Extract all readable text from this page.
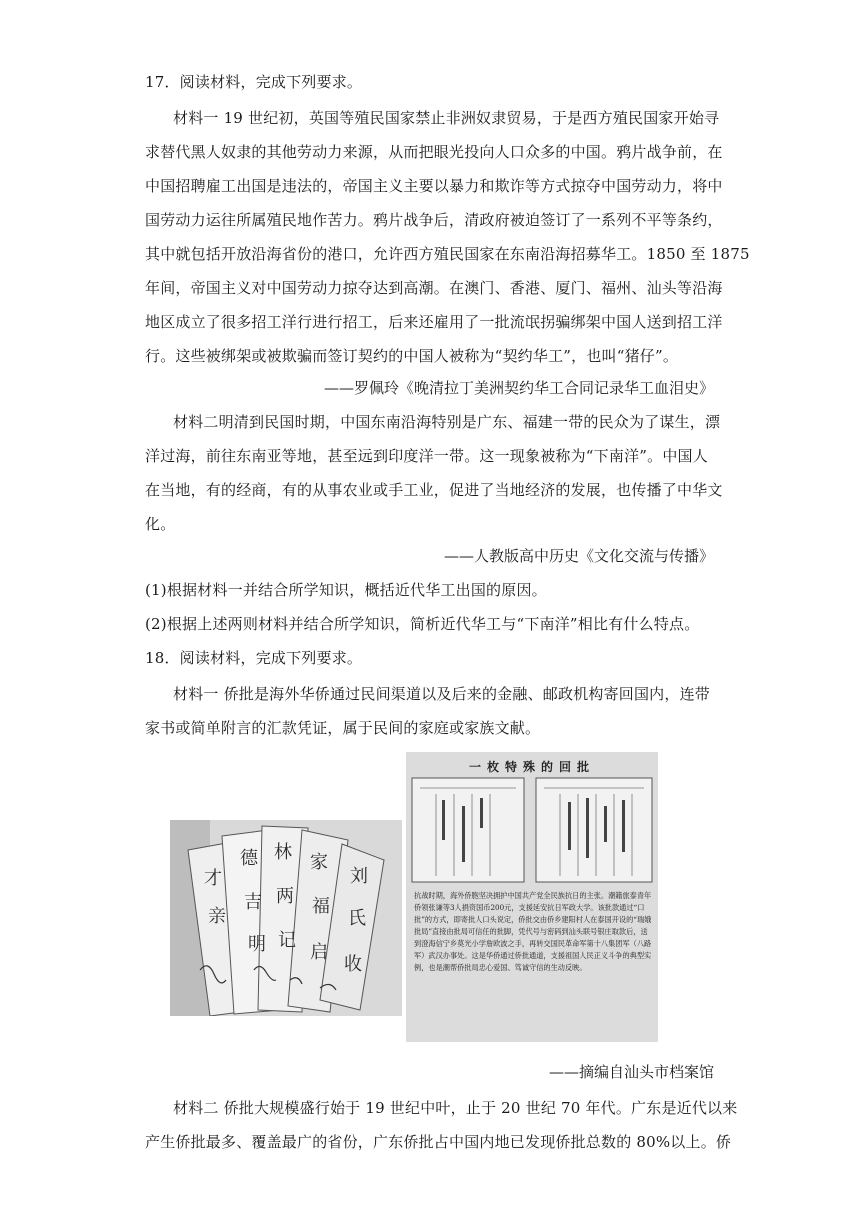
17．阅读材料，完成下列要求。
材料一 19 世纪初，英国等殖民国家禁止非洲奴隶贸易，于是西方殖民国家开始寻
求替代黑人奴隶的其他劳动力来源，从而把眼光投向人口众多的中国。鸦片战争前，在
中国招聘雇工出国是违法的，帝国主义主要以暴力和欺诈等方式掠夺中国劳动力，将中
国劳动力运往所属殖民地作苦力。鸦片战争后，清政府被迫签订了一系列不平等条约，
其中就包括开放沿海省份的港口，允许西方殖民国家在东南沿海招募华工。1850 至 1875
年间，帝国主义对中国劳动力掠夺达到高潮。在澳门、香港、厦门、福州、汕头等沿海
地区成立了很多招工洋行进行招工，后来还雇用了一批流氓拐骗绑架中国人送到招工洋
行。这些被绑架或被欺骗而签订契约的中国人被称为“契约华工”，也叫“猪仔”。
——罗佩玲《晚清拉丁美洲契约华工合同记录华工血泪史》
材料二明清到民国时期，中国东南沿海特别是广东、福建一带的民众为了谋生，漂
洋过海，前往东南亚等地，甚至远到印度洋一带。这一现象被称为“下南洋”。中国人
在当地，有的经商，有的从事农业或手工业，促进了当地经济的发展，也传播了中华文
化。
——人教版高中历史《文化交流与传播》
(1)根据材料一并结合所学知识，概括近代华工出国的原因。
(2)根据上述两则材料并结合所学知识，简析近代华工与“下南洋”相比有什么特点。
18．阅读材料，完成下列要求。
材料一 侨批是海外华侨通过民间渠道以及后来的金融、邮政机构寄回国内，连带
家书或简单附言的汇款凭证，属于民间的家庭或家族文献。
才
亲
德
吉
明
林
两
记
家
福
启
刘
氏
收
一枚特殊的回批
抗战时期，海外侨胞坚决拥护中国共产党全民族抗日的主张。潮籍旅泰青年侨领张谦等3人捐资国币200元，支援延安抗日军政大学。该批款通过“口批”的方式，即寄批人口头说定，侨批交由侨乡建阳村人在泰国开设的“瑞娥批局”直接由批局可信任的批脚，凭代号与密码到汕头联号银庄取款后，送到澄海信宁乡莫光小学詹欧波之手，再转交国民革命军第十八集团军（八路军）武汉办事处。这是华侨通过侨批通道，支援祖国人民正义斗争的典型实例，也是潮帮侨批局忠心爱国、笃诚守信的生动反映。
——摘编自汕头市档案馆
材料二 侨批大规模盛行始于 19 世纪中叶，止于 20 世纪 70 年代。广东是近代以来
产生侨批最多、覆盖最广的省份，广东侨批占中国内地已发现侨批总数的 80%以上。侨
